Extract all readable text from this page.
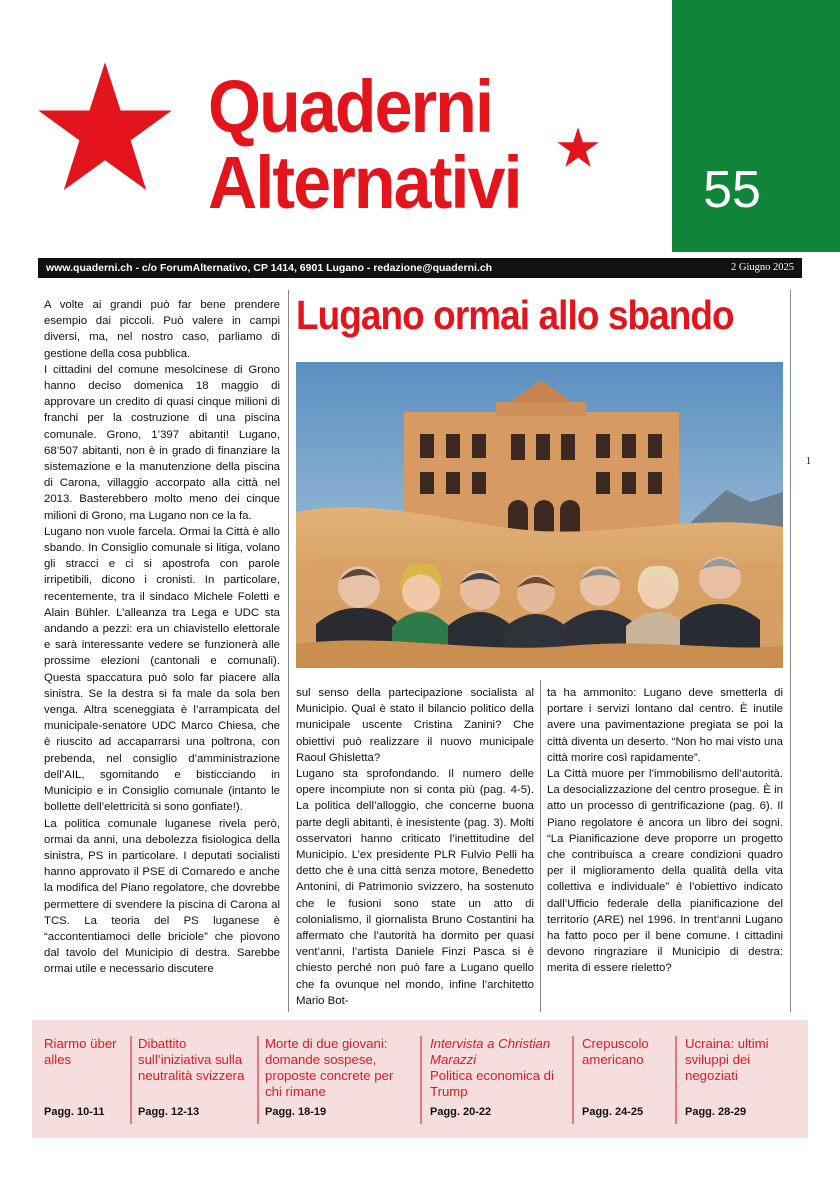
Quaderni
Alternativi	55
www.quaderni.ch - c/o ForumAlternativo, CP 1414, 6901 Lugano - redazione@quaderni.ch	2 Giugno 2025
1

A volte ai grandi può far bene prendere esempio dai piccoli. Può valere in campi diversi, ma, nel nostro caso, parliamo di gestione della cosa pubblica.

I cittadini del comune mesolcinese di Grono hanno deciso domenica 18 maggio di approvare un credito di quasi cinque milioni di franchi per la costruzione di una piscina comunale. Grono, 1’397 abitanti! Lugano, 68’507 abitanti, non è in grado di finanziare la sistemazione e la manutenzione della piscina di Carona, villaggio accorpato alla città nel 2013. Basterebbero molto meno dei cinque milioni di Grono, ma Lugano non ce la fa.

Lugano non vuole farcela. Ormai la Città è allo sbando. In Consiglio comunale si litiga, volano gli stracci e ci si apostrofa con parole irripetibili, dicono i cronisti. In particolare, recentemente, tra il sindaco Michele Foletti e Alain Bühler. L’alleanza tra Lega e UDC sta andando a pezzi: era un chiavistello elettorale e sarà interessante vedere se funzionerà alle prossime elezioni (cantonali e comunali). Questa spaccatura può solo far piacere alla sinistra. Se la destra si fa male da sola ben venga. Altra sceneggiata è l’arrampicata del municipale-senatore UDC Marco Chiesa, che è riuscito ad accaparrarsi una poltrona, con prebenda, nel consiglio d’amministrazione dell’AIL, sgomitando e bisticciando in Municipio e in Consiglio comunale (intanto le bollette dell’elettricità si sono gonfiate!).

La politica comunale luganese rivela però, ormai da anni, una debolezza fisiologica della sinistra, PS in particolare. I deputati socialisti hanno approvato il PSE di Cornaredo e anche la modifica del Piano regolatore, che dovrebbe permettere di svendere la piscina di Carona al TCS. La teoria del PS luganese è “accontentiamoci delle briciole” che piovono dal tavolo del Municipio di destra. Sarebbe ormai utile e necessario discutere

Lugano ormai allo sbando

sul senso della partecipazione socialista al Municipio. Qual è stato il bilancio politico della municipale uscente Cristina Zanini? Che obiettivi può realizzare il nuovo municipale Raoul Ghisletta?

Lugano sta sprofondando. Il numero delle opere incompiute non si conta più (pag. 4-5). La politica dell’alloggio, che concerne buona parte degli abitanti, è inesistente (pag. 3). Molti osservatori hanno criticato l’inettitudine del Municipio. L’ex presidente PLR Fulvio Pelli ha detto che è una città senza motore, Benedetto Antonini, di Patrimonio svizzero, ha sostenuto che le fusioni sono state un atto di colonialismo, il giornalista Bruno Costantini ha affermato che l’autorità ha dormito per quasi vent’anni, l’artista Daniele Finzi Pasca si è chiesto perché non può fare a Lugano quello che fa ovunque nel mondo, infine l’architetto Mario Bot-

ta ha ammonito: Lugano deve smetterla di portare i servizi lontano dal centro. È inutile avere una pavimentazione pregiata se poi la città diventa un deserto. “Non ho mai visto una città morire così rapidamente”.

La Città muore per l’immobilismo dell’autorità. La desocializzazione del centro prosegue. È in atto un processo di gentrificazione (pag. 6). Il Piano regolatore è ancora un libro dei sogni. “La Pianificazione deve proporre un progetto che contribuisca a creare condizioni quadro per il miglioramento della qualità della vita collettiva e individuale” è l’obiettivo indicato dall’Ufficio federale della pianificazione del territorio (ARE) nel 1996. In trent’anni Lugano ha fatto poco per il bene comune. I cittadini devono ringraziare il Municipio di destra: merita di essere rieletto?

Riarmo über alles
Pagg. 10-11
Dibattito sull’iniziativa sulla neutralità svizzera
Pagg. 12-13
Morte di due giovani: domande sospese, proposte concrete per chi rimane
Pagg. 18-19
Intervista a Christian Marazzi
Politica economica di Trump
Pagg. 20-22
Crepuscolo americano
Pagg. 24-25
Ucraina: ultimi sviluppi dei negoziati
Pagg. 28-29
